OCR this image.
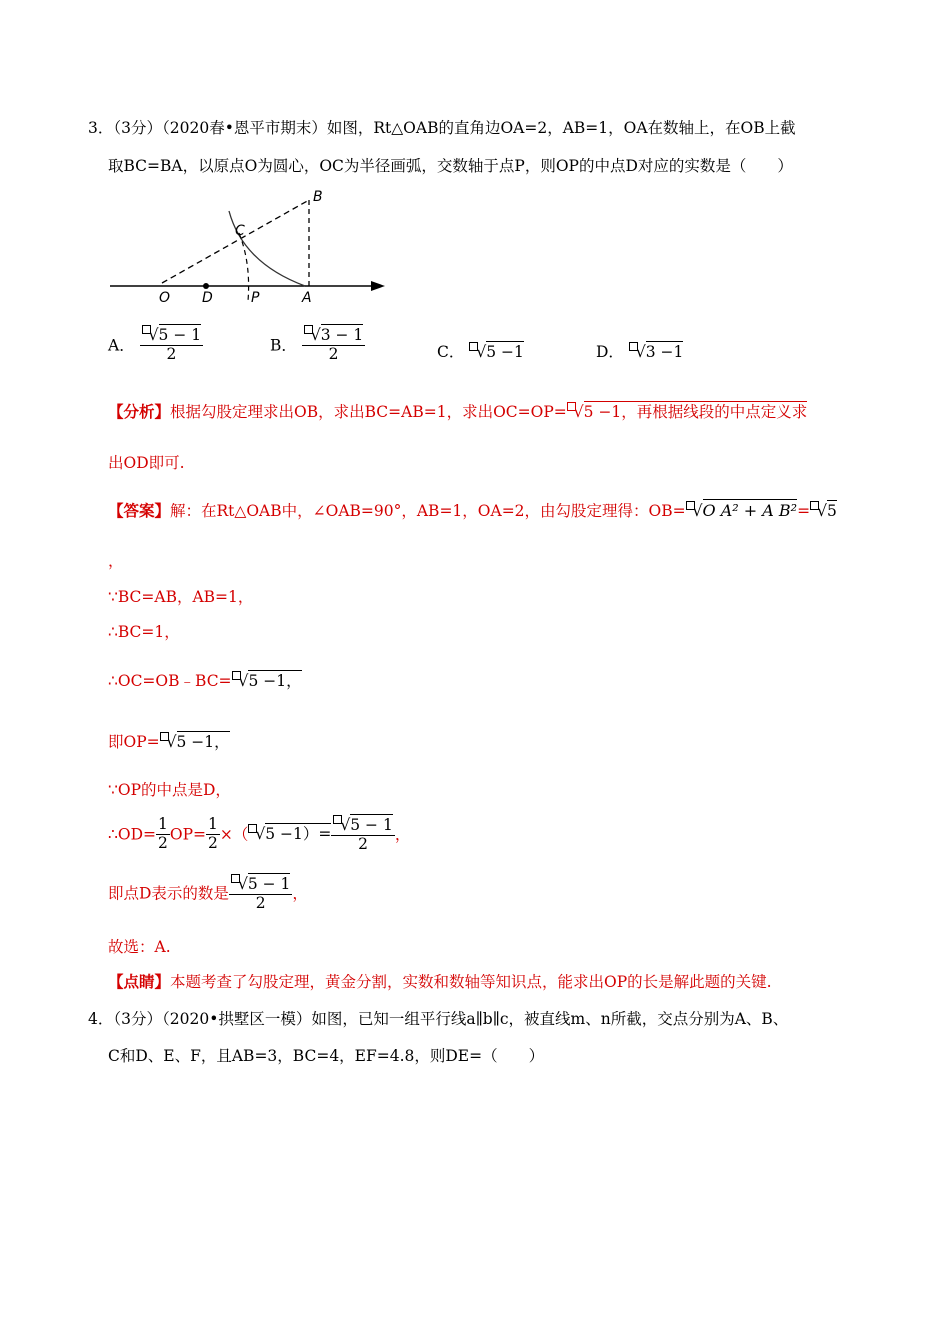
3．（3分）（2020春•恩平市期末）如图，Rt△OAB的直角边OA=2，AB=1，OA在数轴上，在OB上截
取BC=BA，以原点O为圆心，OC为半径画弧，交数轴于点P，则OP的中点D对应的实数是（　　）
B
C
O D	P	A
A． $\frac{√5 - 1}{2}$	B． $\frac{√3 - 1}{2}$	C． √5 −1	D． √3 −1
【分析】根据勾股定理求出OB，求出BC=AB=1，求出OC=OP= √5 −1，再根据线段的中点定义求
出OD即可.
【答案】解：在Rt△OAB中，∠OAB=90°，AB=1，OA=2，由勾股定理得：OB= √O A² + A B²= √5
，
∵BC=AB，AB=1，
∴BC=1，
∴OC=OB﹣BC= √5 −1，
即OP= √5 −1，
∵OP的中点是D，
∴OD= $\frac{1}{2} OP= \frac{1}{2}$ ×（ $√5 -1)= \frac{√5 - 1}{2}$ ，
即点D表示的数是 $\frac{√5 - 1}{2}$ ，
故选：A.
【点睛】本题考查了勾股定理，黄金分割，实数和数轴等知识点，能求出OP的长是解此题的关键.
4．（3分）（2020•拱墅区一模）如图，已知一组平行线a∥b∥c，被直线m、n所截，交点分别为A、B、
C和D、E、F，且AB=3，BC=4，EF=4.8，则DE=（　　）
